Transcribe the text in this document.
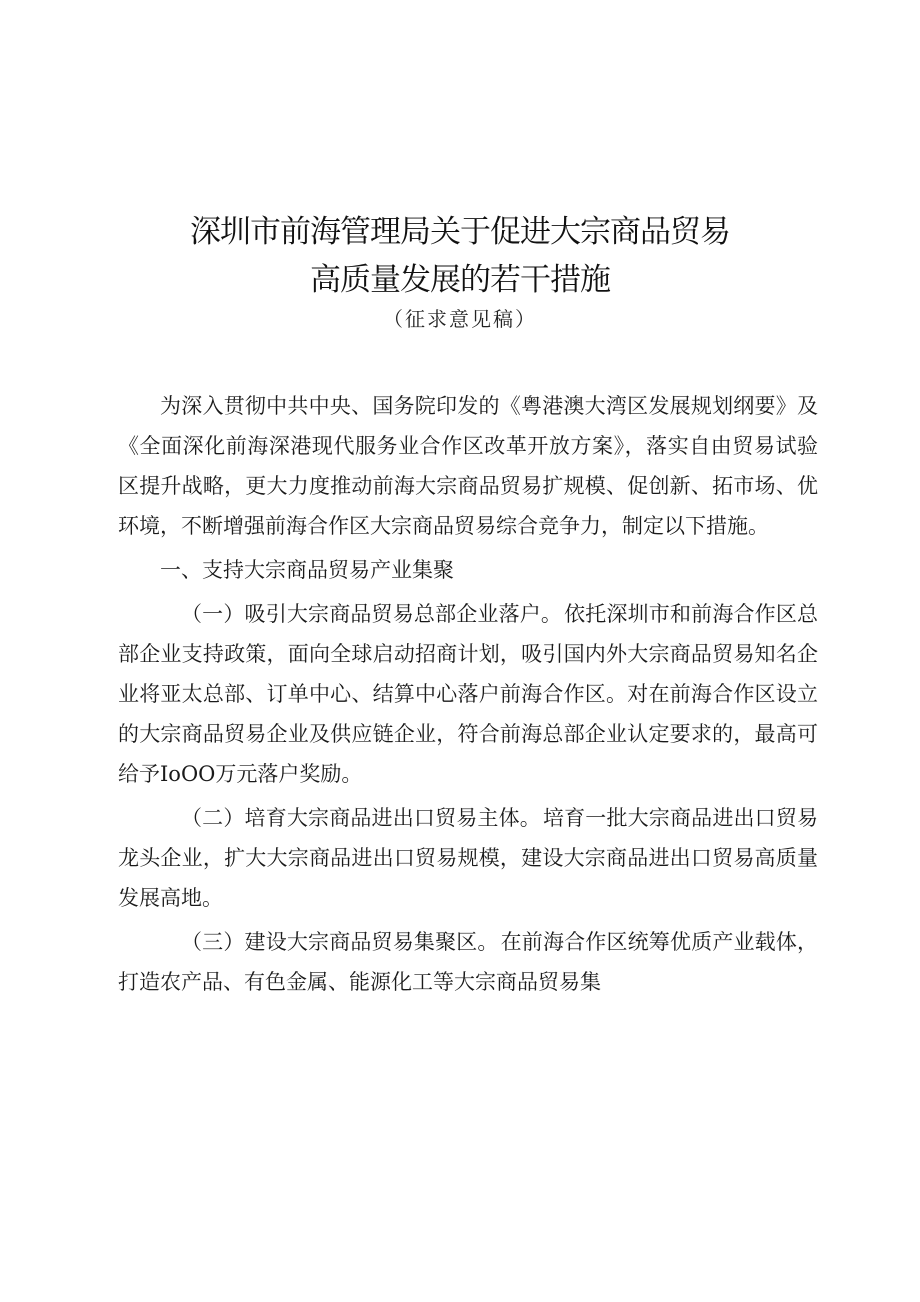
深圳市前海管理局关于促进大宗商品贸易
高质量发展的若干措施
（征求意见稿）

为深入贯彻中共中央、国务院印发的《粤港澳大湾区发展规划纲要》及《全面深化前海深港现代服务业合作区改革开放方案》，落实自由贸易试验区提升战略，更大力度推动前海大宗商品贸易扩规模、促创新、拓市场、优环境，不断增强前海合作区大宗商品贸易综合竞争力，制定以下措施。

一、支持大宗商品贸易产业集聚

（一）吸引大宗商品贸易总部企业落户。依托深圳市和前海合作区总部企业支持政策，面向全球启动招商计划，吸引国内外大宗商品贸易知名企业将亚太总部、订单中心、结算中心落户前海合作区。对在前海合作区设立的大宗商品贸易企业及供应链企业，符合前海总部企业认定要求的，最高可给予IoOO万元落户奖励。

（二）培育大宗商品进出口贸易主体。培育一批大宗商品进出口贸易龙头企业，扩大大宗商品进出口贸易规模，建设大宗商品进出口贸易高质量发展高地。

（三）建设大宗商品贸易集聚区。在前海合作区统筹优质产业载体，打造农产品、有色金属、能源化工等大宗商品贸易集
